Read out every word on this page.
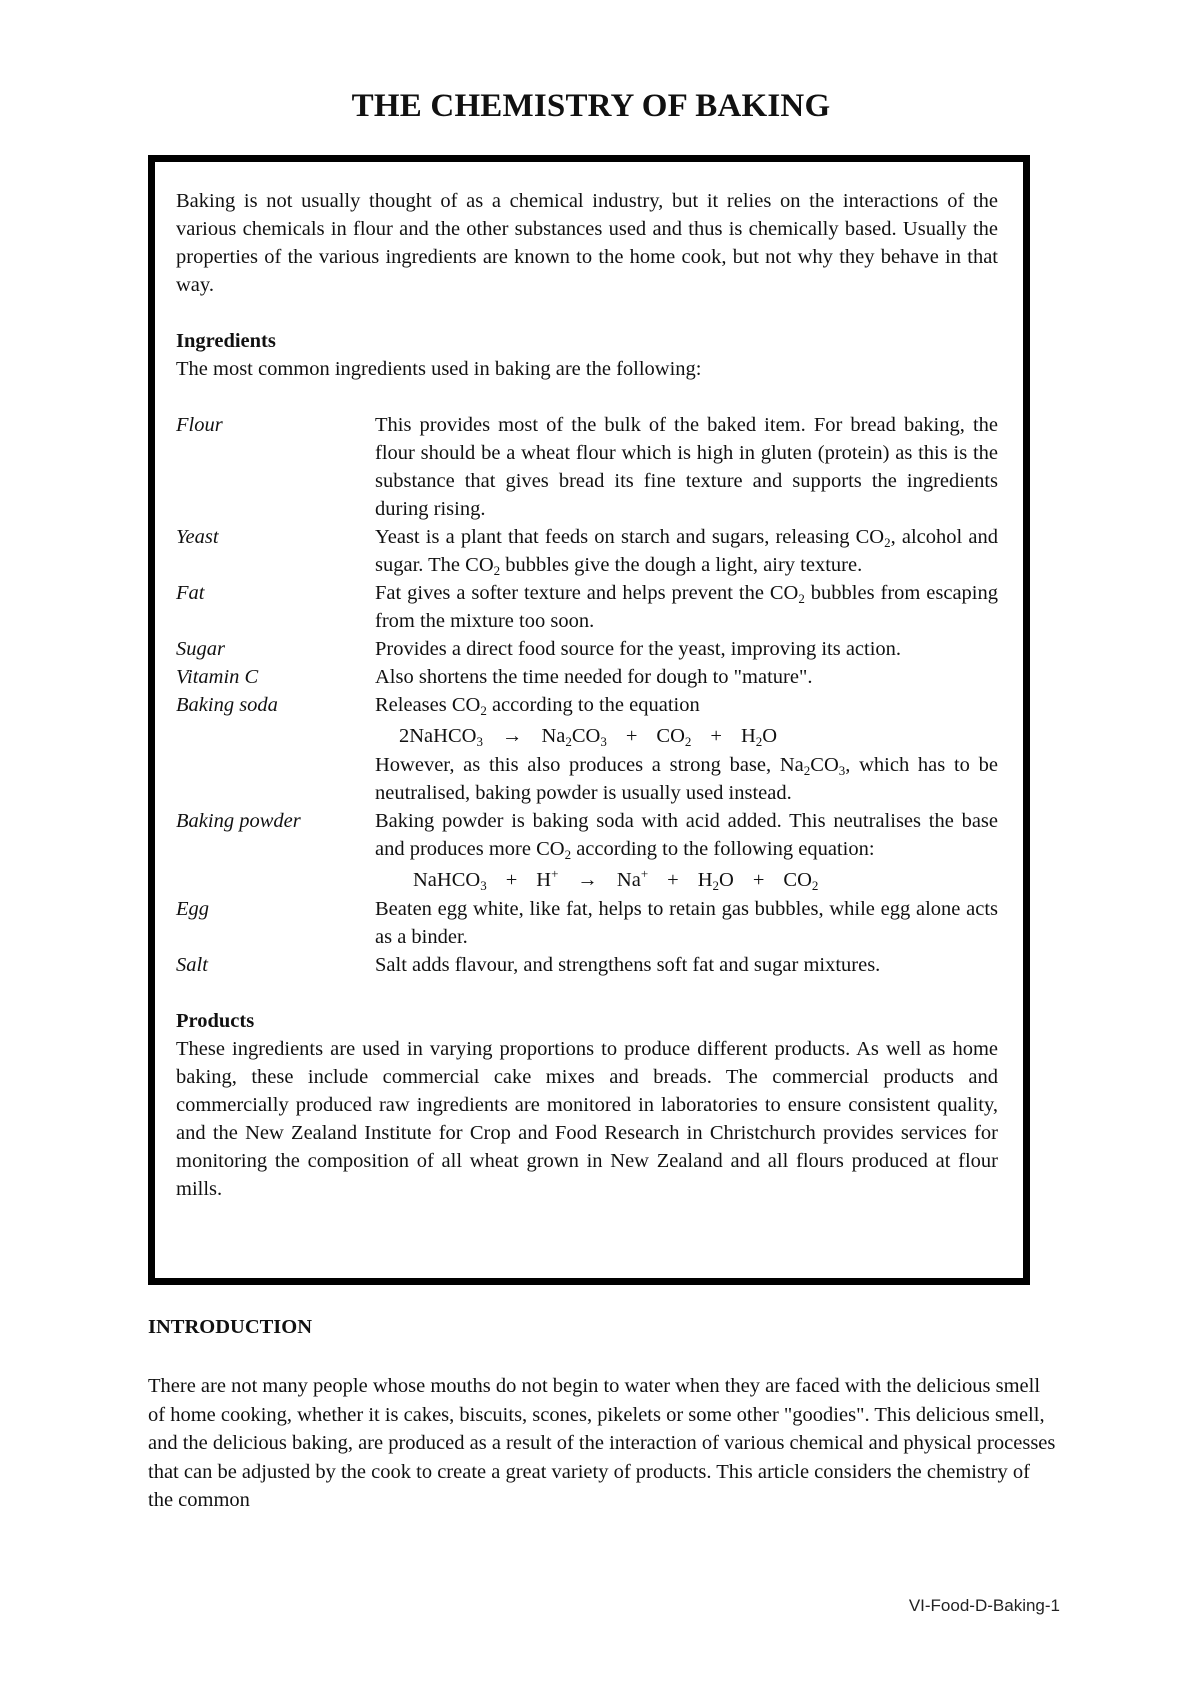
THE CHEMISTRY OF BAKING

Baking is not usually thought of as a chemical industry, but it relies on the interactions of the various chemicals in flour and the other substances used and thus is chemically based. Usually the properties of the various ingredients are known to the home cook, but not why they behave in that way.

Ingredients

The most common ingredients used in baking are the following:

Flour	This provides most of the bulk of the baked item. For bread baking, the flour should be a wheat flour which is high in gluten (protein) as this is the substance that gives bread its fine texture and supports the ingredients during rising.
Yeast	Yeast is a plant that feeds on starch and sugars, releasing $CO_2$, alcohol and sugar. The $CO_2$ bubbles give the dough a light, airy texture.
Fat	Fat gives a softer texture and helps prevent the $CO_2$ bubbles from escaping from the mixture too soon.
Sugar	Provides a direct food source for the yeast, improving its action.
Vitamin C	Also shortens the time needed for dough to "mature".
Baking soda	Releases $CO_2$ according to the equation
2NaHCO$_3$ → $Na_2CO_3 + CO_2 + H_2O$
However, as this also produces a strong base, $Na_2CO_3$, which has to be neutralised, baking powder is usually used instead.
Baking powder	Baking powder is baking soda with acid added. This neutralises the base and produces more $CO_2$ according to the following equation:
NaHCO$_3$ + $H^+ \to Na^+ + H_2O + CO_2$
Egg	Beaten egg white, like fat, helps to retain gas bubbles, while egg alone acts as a binder.
Salt	Salt adds flavour, and strengthens soft fat and sugar mixtures.

Products

These ingredients are used in varying proportions to produce different products. As well as home baking, these include commercial cake mixes and breads. The commercial products and commercially produced raw ingredients are monitored in laboratories to ensure consistent quality, and the New Zealand Institute for Crop and Food Research in Christchurch provides services for monitoring the composition of all wheat grown in New Zealand and all flours produced at flour mills.

INTRODUCTION
There are not many people whose mouths do not begin to water when they are faced with the delicious smell of home cooking, whether it is cakes, biscuits, scones, pikelets or some other "goodies". This delicious smell, and the delicious baking, are produced as a result of the interaction of various chemical and physical processes that can be adjusted by the cook to create a great variety of products. This article considers the chemistry of the common
VI-Food-D-Baking-1
